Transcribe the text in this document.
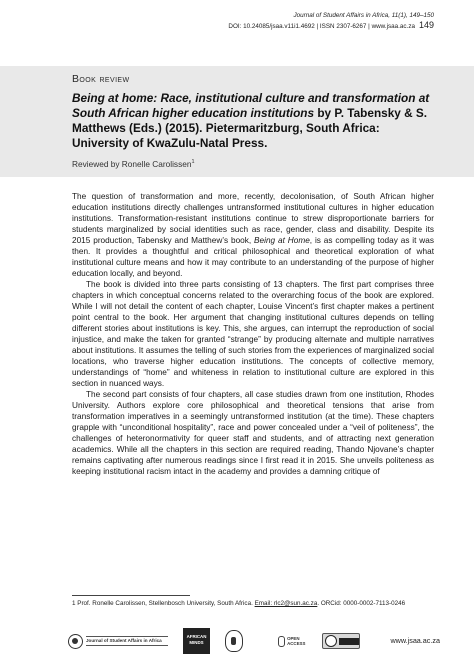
Journal of Student Affairs in Africa, 11(1), 149–150
DOI: 10.24085/jsaa.v11i1.4692 | ISSN 2307-6267 | www.jsaa.ac.za 149
Book review
Being at home: Race, institutional culture and transformation at South African higher education institutions by P. Tabensky & S. Matthews (Eds.) (2015). Pietermaritzburg, South Africa: University of KwaZulu-Natal Press.
Reviewed by Ronelle Carolissen$^1$

The question of transformation and more, recently, decolonisation, of South African higher education institutions directly challenges untransformed institutional cultures in higher education institutions. Transformation-resistant institutions continue to strew disproportionate barriers for students marginalized by social identities such as race, gender, class and disability. Despite its 2015 production, Tabensky and Matthew’s book, Being at Home, is as compelling today as it was then. It provides a thoughtful and critical philosophical and theoretical exploration of what institutional culture means and how it may contribute to an understanding of the purpose of higher education locally, and beyond.

The book is divided into three parts consisting of 13 chapters. The first part comprises three chapters in which conceptual concerns related to the overarching focus of the book are explored. While I will not detail the content of each chapter, Louise Vincent’s first chapter makes a pertinent point central to the book. Her argument that changing institutional cultures depends on telling different stories about institutions is key. This, she argues, can interrupt the reproduction of social injustice, and make the taken for granted “strange” by producing alternate and multiple narratives about institutions. It assumes the telling of such stories from the experiences of marginalized social locations, who traverse higher education institutions. The concepts of collective memory, understandings of “home” and whiteness in relation to institutional culture are explored in this section in nuanced ways.

The second part consists of four chapters, all case studies drawn from one institution, Rhodes University. Authors explore core philosophical and theoretical tensions that arise from transformation imperatives in a seemingly untransformed institution (at the time). These chapters grapple with “unconditional hospitality”, race and power concealed under a “veil of politeness”, the challenges of heteronormativity for queer staff and students, and of attracting next generation academics. While all the chapters in this section are required reading, Thando Njovane’s chapter remains captivating after numerous readings since I first read it in 2015. She unveils politeness as keeping institutional racism intact in the academy and provides a damning critique of

1 Prof. Ronelle Carolissen, Stellenbosch University, South Africa. Email: rlc2@sun.ac.za. ORCid: 0000-0002-7113-0246
Journal of Student Affairs in Africa
AFRICAN
MINDS
OPEN ACCESS	www.jsaa.ac.za
